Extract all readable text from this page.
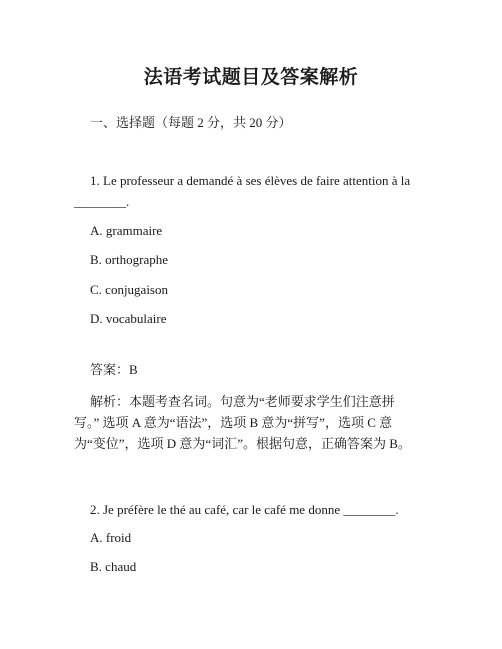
法语考试题目及答案解析

一、选择题（每题 2 分，共 20 分）

1. Le professeur a demandé à ses élèves de faire attention à la ________.

A. grammaire

B. orthographe

C. conjugaison

D. vocabulaire

答案：B

解析：本题考查名词。句意为“老师要求学生们注意拼写。” 选项 A 意为“语法”，选项 B 意为“拼写”，选项 C 意为“变位”，选项 D 意为“词汇”。根据句意，正确答案为 B。

2. Je préfère le thé au café, car le café me donne ________.

A. froid

B. chaud
